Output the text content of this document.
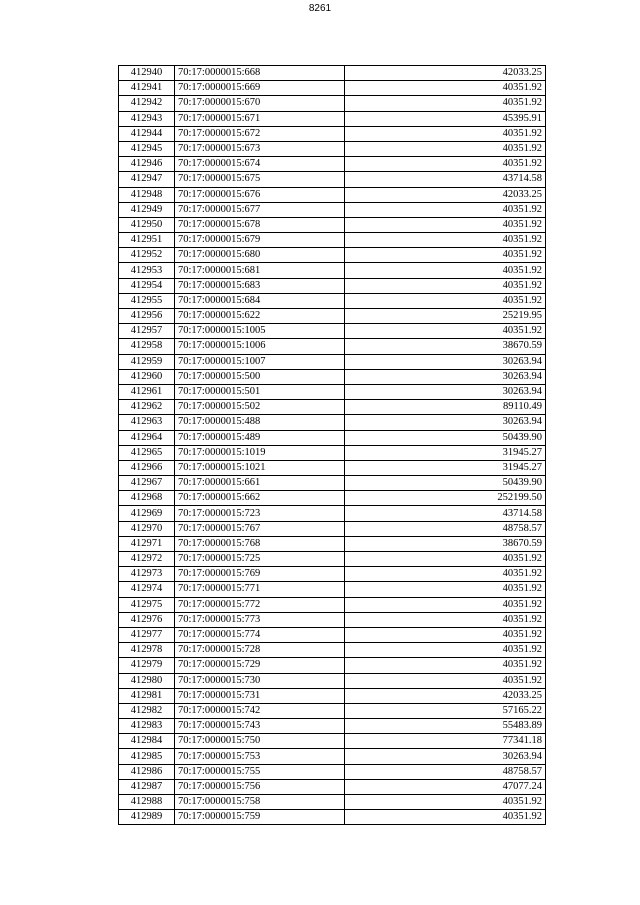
8261
412940	70:17:0000015:668	42033.25
412941	70:17:0000015:669	40351.92
412942	70:17:0000015:670	40351.92
412943	70:17:0000015:671	45395.91
412944	70:17:0000015:672	40351.92
412945	70:17:0000015:673	40351.92
412946	70:17:0000015:674	40351.92
412947	70:17:0000015:675	43714.58
412948	70:17:0000015:676	42033.25
412949	70:17:0000015:677	40351.92
412950	70:17:0000015:678	40351.92
412951	70:17:0000015:679	40351.92
412952	70:17:0000015:680	40351.92
412953	70:17:0000015:681	40351.92
412954	70:17:0000015:683	40351.92
412955	70:17:0000015:684	40351.92
412956	70:17:0000015:622	25219.95
412957	70:17:0000015:1005	40351.92
412958	70:17:0000015:1006	38670.59
412959	70:17:0000015:1007	30263.94
412960	70:17:0000015:500	30263.94
412961	70:17:0000015:501	30263.94
412962	70:17:0000015:502	89110.49
412963	70:17:0000015:488	30263.94
412964	70:17:0000015:489	50439.90
412965	70:17:0000015:1019	31945.27
412966	70:17:0000015:1021	31945.27
412967	70:17:0000015:661	50439.90
412968	70:17:0000015:662	252199.50
412969	70:17:0000015:723	43714.58
412970	70:17:0000015:767	48758.57
412971	70:17:0000015:768	38670.59
412972	70:17:0000015:725	40351.92
412973	70:17:0000015:769	40351.92
412974	70:17:0000015:771	40351.92
412975	70:17:0000015:772	40351.92
412976	70:17:0000015:773	40351.92
412977	70:17:0000015:774	40351.92
412978	70:17:0000015:728	40351.92
412979	70:17:0000015:729	40351.92
412980	70:17:0000015:730	40351.92
412981	70:17:0000015:731	42033.25
412982	70:17:0000015:742	57165.22
412983	70:17:0000015:743	55483.89
412984	70:17:0000015:750	77341.18
412985	70:17:0000015:753	30263.94
412986	70:17:0000015:755	48758.57
412987	70:17:0000015:756	47077.24
412988	70:17:0000015:758	40351.92
412989	70:17:0000015:759	40351.92
